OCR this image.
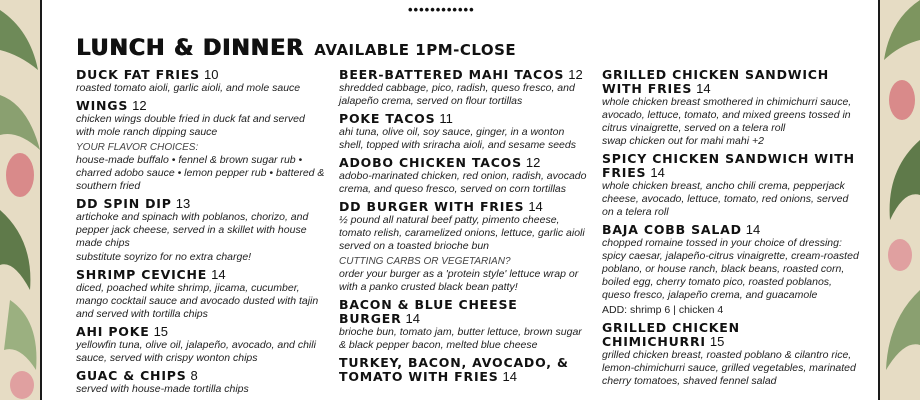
••••••••••••
LUNCH & DINNER AVAILABLE 1PM-CLOSE
DUCK FAT FRIES 10
roasted tomato aioli, garlic aioli, and mole sauce
WINGS 12
chicken wings double fried in duck fat and served with mole ranch dipping sauce
YOUR FLAVOR CHOICES:
house-made buffalo • fennel & brown sugar rub • charred adobo sauce • lemon pepper rub • battered & southern fried
DD SPIN DIP 13
artichoke and spinach with poblanos, chorizo, and pepper jack cheese, served in a skillet with house made chips
substitute soyrizo for no extra charge!
SHRIMP CEVICHE 14
diced, poached white shrimp, jicama, cucumber, mango cocktail sauce and avocado dusted with tajin and served with tortilla chips
AHI POKE 15
yellowfin tuna, olive oil, jalapeño, avocado, and chili sauce, served with crispy wonton chips
GUAC & CHIPS 8
served with house-made tortilla chips
BEER-BATTERED MAHI TACOS 12
shredded cabbage, pico, radish, queso fresco, and jalapeño crema, served on flour tortillas
POKE TACOS 11
ahi tuna, olive oil, soy sauce, ginger, in a wonton shell, topped with sriracha aioli, and sesame seeds
ADOBO CHICKEN TACOS 12
adobo-marinated chicken, red onion, radish, avocado crema, and queso fresco, served on corn tortillas
DD BURGER WITH FRIES 14
½ pound all natural beef patty, pimento cheese, tomato relish, caramelized onions, lettuce, garlic aioli served on a toasted brioche bun
CUTTING CARBS OR VEGETARIAN?
order your burger as a 'protein style' lettuce wrap or with a panko crusted black bean patty!
BACON & BLUE CHEESE BURGER 14
brioche bun, tomato jam, butter lettuce, brown sugar & black pepper bacon, melted blue cheese
TURKEY, BACON, AVOCADO, & TOMATO WITH FRIES 14
GRILLED CHICKEN SANDWICH WITH FRIES 14
whole chicken breast smothered in chimichurri sauce, avocado, lettuce, tomato, and mixed greens tossed in citrus vinaigrette, served on a telera roll
swap chicken out for mahi mahi +2
SPICY CHICKEN SANDWICH WITH FRIES 14
whole chicken breast, ancho chili crema, pepperjack cheese, avocado, lettuce, tomato, red onions, served on a telera roll
BAJA COBB SALAD 14
chopped romaine tossed in your choice of dressing: spicy caesar, jalapeño-citrus vinaigrette, cream-roasted poblano, or house ranch, black beans, roasted corn, boiled egg, cherry tomato pico, roasted poblanos, queso fresco, jalapeño crema, and guacamole
ADD: shrimp 6 | chicken 4
GRILLED CHICKEN CHIMICHURRI 15
grilled chicken breast, roasted poblano & cilantro rice, lemon-chimichurri sauce, grilled vegetables, marinated cherry tomatoes, shaved fennel salad
